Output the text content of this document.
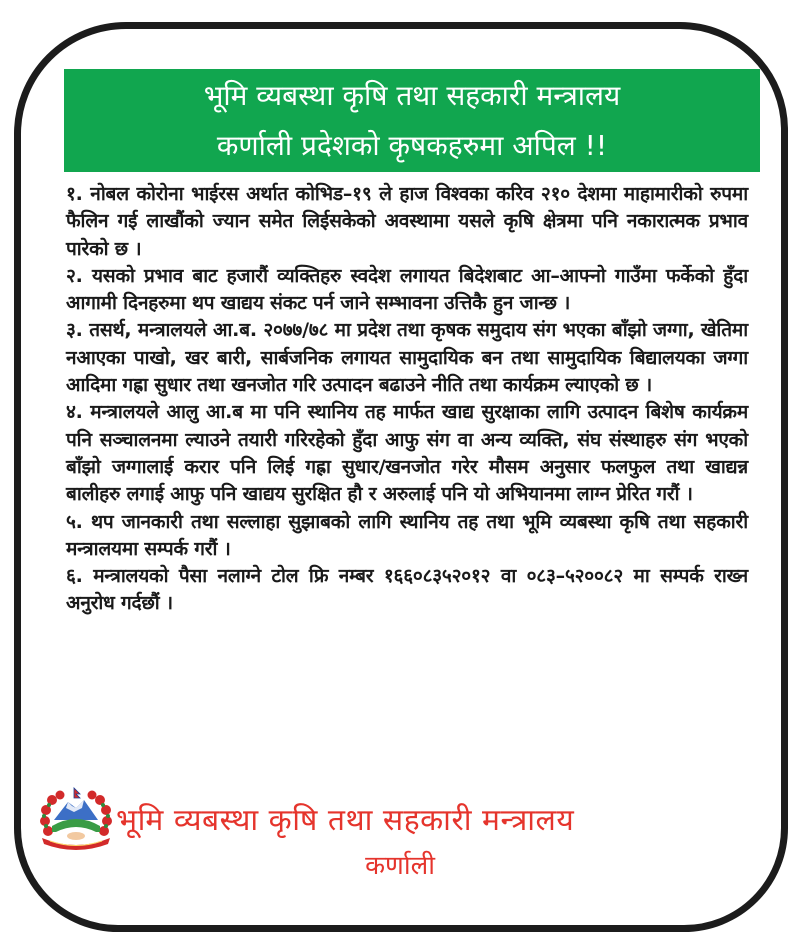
भूमि व्यबस्था कृषि तथा सहकारी मन्त्रालय
कर्णाली प्रदेशको कृषकहरुमा अपिल !!

१. नोबल कोरोना भाईरस अर्थात कोभिड–१९ ले हाज विश्वका करिव २१० देशमा माहामारीको रुपमा फैलिन गई लाखौंको ज्यान समेत लिईसकेको अवस्थामा यसले कृषि क्षेत्रमा पनि नकारात्मक प्रभाव पारेको छ ।

२. यसको प्रभाव बाट हजारौं व्यक्तिहरु स्वदेश लगायत बिदेशबाट आ–आफ्नो गाउँमा फर्केको हुँदा आगामी दिनहरुमा थप खाद्यय संकट पर्न जाने सम्भावना उत्तिकै हुन जान्छ ।

३. तसर्थ, मन्त्रालयले आ.ब. २०७७/७८ मा प्रदेश तथा कृषक समुदाय संग भएका बाँझो जग्गा, खेतिमा नआएका पाखो, खर बारी, सार्बजनिक लगायत सामुदायिक बन तथा सामुदायिक बिद्यालयका जग्गा आदिमा गह्रा सुधार तथा खनजोत गरि उत्पादन बढाउने नीति तथा कार्यक्रम ल्याएको छ ।

४. मन्त्रालयले आलु आ.ब मा पनि स्थानिय तह मार्फत खाद्य सुरक्षाका लागि उत्पादन बिशेष कार्यक्रम पनि सञ्चालनमा ल्याउने तयारी गरिरहेको हुँदा आफु संग वा अन्य व्यक्ति, संघ संस्थाहरु संग भएको बाँझो जग्गालाई करार पनि लिई गह्रा सुधार/खनजोत गरेर मौसम अनुसार फलफुल तथा खाद्यन्न बालीहरु लगाई आफु पनि खाद्यय सुरक्षित हौ र अरुलाई पनि यो अभियानमा लाग्न प्रेरित गरौं ।

५. थप जानकारी तथा सल्लाहा सुझाबको लागि स्थानिय तह तथा भूमि व्यबस्था कृषि तथा सहकारी मन्त्रालयमा सम्पर्क गरौं ।

६. मन्त्रालयको पैसा नलाग्ने टोल फ्रि नम्बर १६६०८३५२०१२ वा ०८३–५२००८२ मा सम्पर्क राख्न अनुरोध गर्दछौं ।

भूमि व्यबस्था कृषि तथा सहकारी मन्त्रालय
कर्णाली
